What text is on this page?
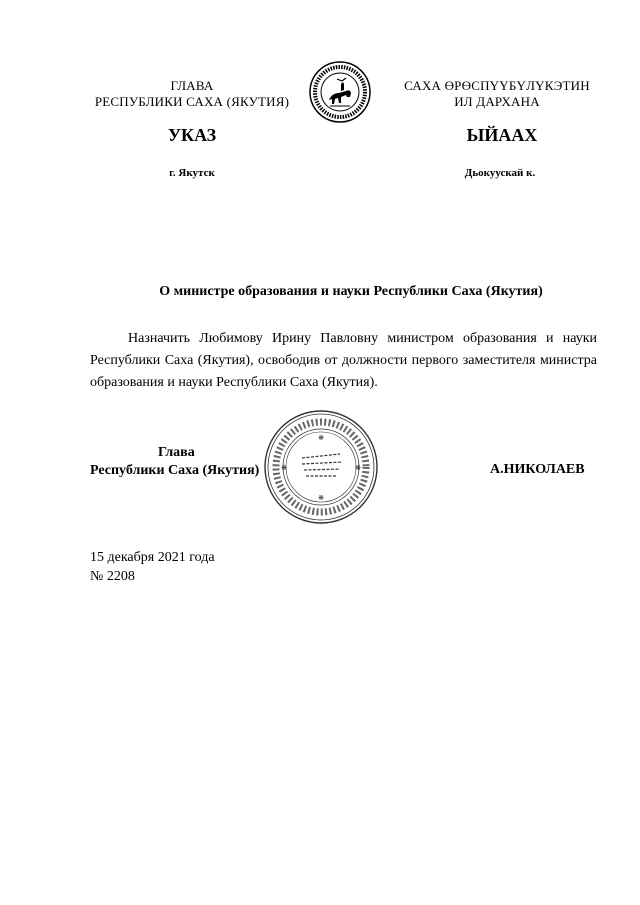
ГЛАВА
РЕСПУБЛИКИ САХА (ЯКУТИЯ)
САХА ӨРӨСПҮҮБҮЛҮКЭТИН
ИЛ ДАРХАНА
УКАЗ	ЫЙААХ
г. Якутск	Дьокуускай к.
О министре образования и науки Республики Саха (Якутия)
Назначить Любимову Ирину Павловну министром образования и науки Республики Саха (Якутия), освободив от должности первого заместителя министра образования и науки Республики Саха (Якутия).
❋
❋
❋	❋
Глава
Республики Саха (Якутия)	А.НИКОЛАЕВ
15 декабря 2021 года
№ 2208
